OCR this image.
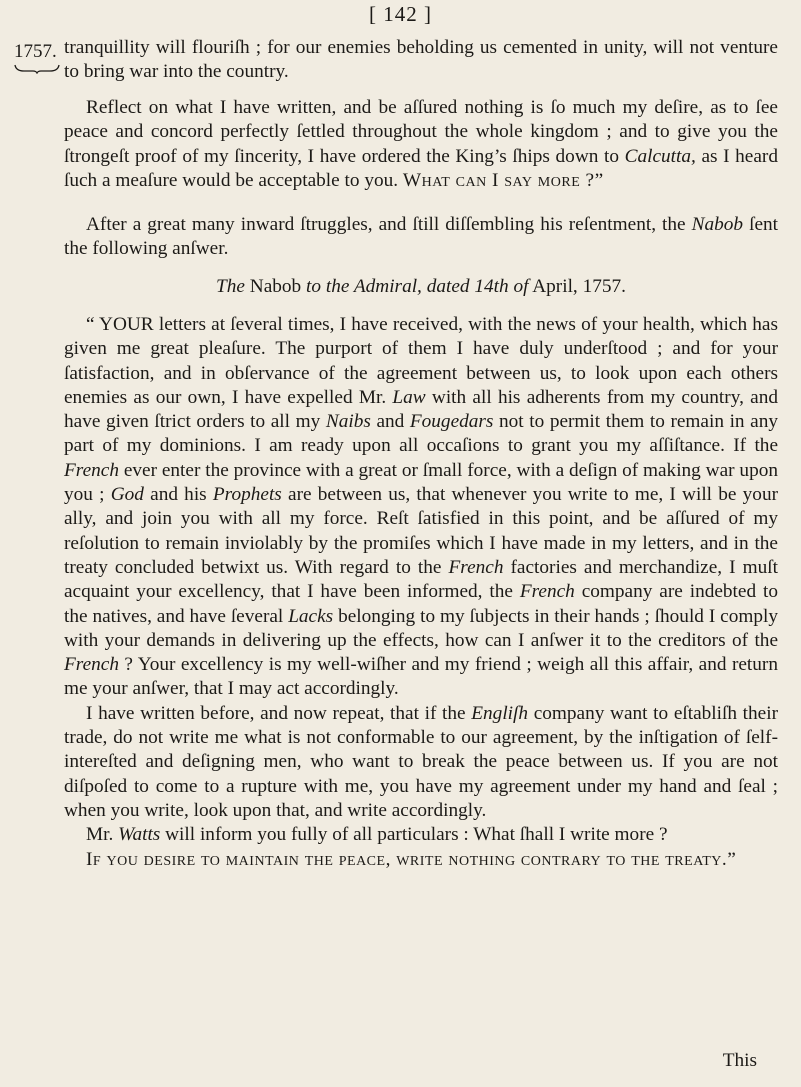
[ 142 ]
1757. tranquillity will flouriſh ; for our enemies beholding us cemented in unity, will not venture to bring war into the country.

Reflect on what I have written, and be aſſured nothing is ſo much my deſire, as to ſee peace and concord perfectly ſettled throughout the whole kingdom ; and to give you the ſtrongeſt proof of my ſincerity, I have ordered the King’s ſhips down to Calcutta, as I heard ſuch a meaſure would be acceptable to you. What can I say more ?”

After a great many inward ſtruggles, and ſtill diſſembling his reſentment, the Nabob ſent the following anſwer.

The Nabob to the Admiral, dated 14th of April, 1757.

“ YOUR letters at ſeveral times, I have received, with the news of your health, which has given me great pleaſure. The purport of them I have duly underſtood ; and for your ſatisfaction, and in obſervance of the agreement between us, to look upon each others enemies as our own, I have expelled Mr. Law with all his adherents from my country, and have given ſtrict orders to all my Naibs and Fougedars not to permit them to remain in any part of my dominions. I am ready upon all occaſions to grant you my aſſiſtance. If the French ever enter the province with a great or ſmall force, with a deſign of making war upon you ; God and his Prophets are between us, that whenever you write to me, I will be your ally, and join you with all my force. Reſt ſatisfied in this point, and be aſſured of my reſolution to remain inviolably by the promiſes which I have made in my letters, and in the treaty concluded betwixt us. With regard to the French factories and merchandize, I muſt acquaint your excellency, that I have been informed, the French company are indebted to the natives, and have ſeveral Lacks belonging to my ſubjects in their hands ; ſhould I comply with your demands in delivering up the effects, how can I anſwer it to the creditors of the French ? Your excellency is my well-wiſher and my friend ; weigh all this affair, and return me your anſwer, that I may act accordingly.

I have written before, and now repeat, that if the Engliſh company want to eſtabliſh their trade, do not write me what is not conformable to our agreement, by the inſtigation of ſelf-intereſted and deſigning men, who want to break the peace between us. If you are not diſpoſed to come to a rupture with me, you have my agreement under my hand and ſeal ; when you write, look upon that, and write accordingly.

Mr. Watts will inform you fully of all particulars : What ſhall I write more ?

If you desire to maintain the peace, write nothing contrary to the treaty.”

This
